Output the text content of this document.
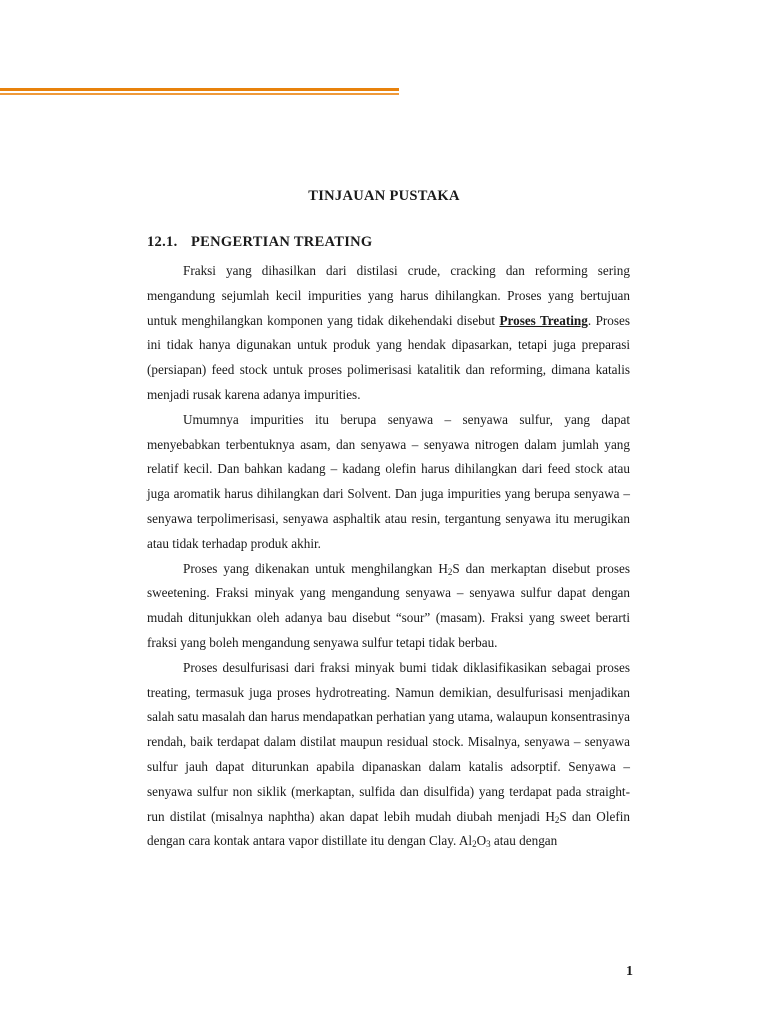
TINJAUAN PUSTAKA
12.1. PENGERTIAN TREATING

Fraksi yang dihasilkan dari distilasi crude, cracking dan reforming sering mengandung sejumlah kecil impurities yang harus dihilangkan. Proses yang bertujuan untuk menghilangkan komponen yang tidak dikehendaki disebut Proses Treating. Proses ini tidak hanya digunakan untuk produk yang hendak dipasarkan, tetapi juga preparasi (persiapan) feed stock untuk proses polimerisasi katalitik dan reforming, dimana katalis menjadi rusak karena adanya impurities.

Umumnya impurities itu berupa senyawa – senyawa sulfur, yang dapat menyebabkan terbentuknya asam, dan senyawa – senyawa nitrogen dalam jumlah yang relatif kecil. Dan bahkan kadang – kadang olefin harus dihilangkan dari feed stock atau juga aromatik harus dihilangkan dari Solvent. Dan juga impurities yang berupa senyawa – senyawa terpolimerisasi, senyawa asphaltik atau resin, tergantung senyawa itu merugikan atau tidak terhadap produk akhir.

Proses yang dikenakan untuk menghilangkan $H_2S$ dan merkaptan disebut proses sweetening. Fraksi minyak yang mengandung senyawa – senyawa sulfur dapat dengan mudah ditunjukkan oleh adanya bau disebut “sour” (masam). Fraksi yang sweet berarti fraksi yang boleh mengandung senyawa sulfur tetapi tidak berbau.

Proses desulfurisasi dari fraksi minyak bumi tidak diklasifikasikan sebagai proses treating, termasuk juga proses hydrotreating. Namun demikian, desulfurisasi menjadikan salah satu masalah dan harus mendapatkan perhatian yang utama, walaupun konsentrasinya rendah, baik terdapat dalam distilat maupun residual stock. Misalnya, senyawa – senyawa sulfur jauh dapat diturunkan apabila dipanaskan dalam katalis adsorptif. Senyawa – senyawa sulfur non siklik (merkaptan, sulfida dan disulfida) yang terdapat pada straight-run distilat (misalnya naphtha) akan dapat lebih mudah diubah menjadi $H_2S$ dan Olefin dengan cara kontak antara vapor distillate itu dengan Clay. $Al_2O_3$ atau dengan

1
